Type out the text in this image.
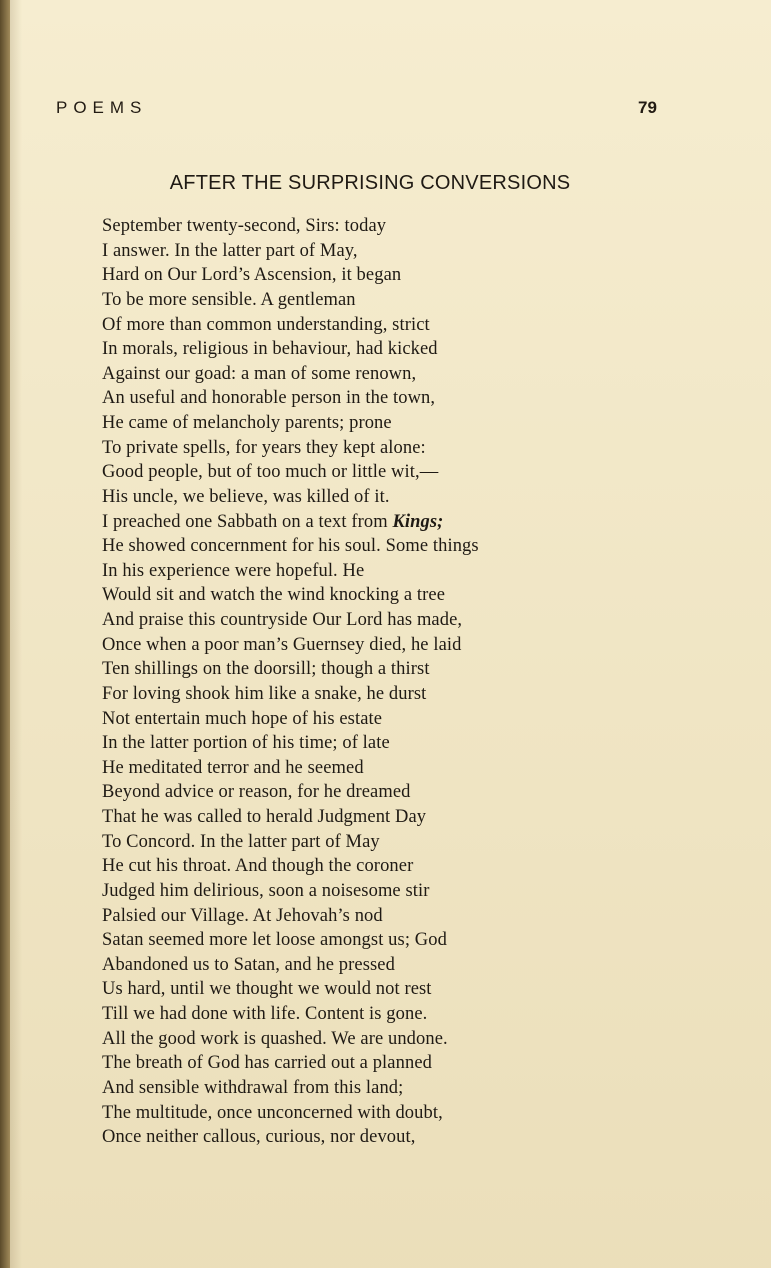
POEMS	79
AFTER THE SURPRISING CONVERSIONS
September twenty-second, Sirs: today
I answer. In the latter part of May,
Hard on Our Lord’s Ascension, it began
To be more sensible. A gentleman
Of more than common understanding, strict
In morals, religious in behaviour, had kicked
Against our goad: a man of some renown,
An useful and honorable person in the town,
He came of melancholy parents; prone
To private spells, for years they kept alone:
Good people, but of too much or little wit,—
His uncle, we believe, was killed of it.
I preached one Sabbath on a text from Kings;
He showed concernment for his soul. Some things
In his experience were hopeful. He
Would sit and watch the wind knocking a tree
And praise this countryside Our Lord has made,
Once when a poor man’s Guernsey died, he laid
Ten shillings on the doorsill; though a thirst
For loving shook him like a snake, he durst
Not entertain much hope of his estate
In the latter portion of his time; of late
He meditated terror and he seemed
Beyond advice or reason, for he dreamed
That he was called to herald Judgment Day
To Concord. In the latter part of May
He cut his throat. And though the coroner
Judged him delirious, soon a noisesome stir
Palsied our Village. At Jehovah’s nod
Satan seemed more let loose amongst us; God
Abandoned us to Satan, and he pressed
Us hard, until we thought we would not rest
Till we had done with life. Content is gone.
All the good work is quashed. We are undone.
The breath of God has carried out a planned
And sensible withdrawal from this land;
The multitude, once unconcerned with doubt,
Once neither callous, curious, nor devout,
